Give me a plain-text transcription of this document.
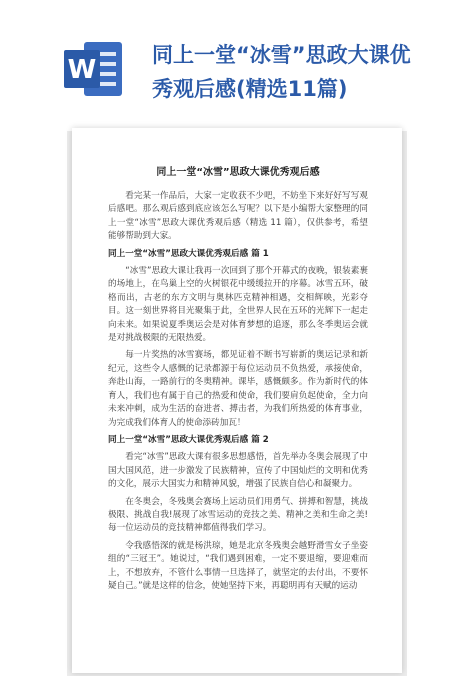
W	同上一堂“冰雪”思政大课优
秀观后感(精选11篇)
同上一堂“冰雪”思政大课优秀观后感
看完某一作品后，大家一定收获不少吧，不妨坐下来好好写写观后感吧。那么观后感到底应该怎么写呢？以下是小编帮大家整理的同上一堂“冰雪”思政大课优秀观后感（精选 11 篇），仅供参考，希望能够帮助到大家。
同上一堂“冰雪”思政大课优秀观后感 篇 1
“冰雪”思政大课让我再一次回到了那个开幕式的夜晚，银装素裹的场地上，在鸟巢上空的火树银花中缓缓拉开的序幕。冰雪五环，破格而出，古老的东方文明与奥林匹克精神相遇，交相辉映，光彩夺目。这一刻世界将目光聚集于此，全世界人民在五环的光辉下一起走向未来。如果说夏季奥运会是对体育梦想的追逐，那么冬季奥运会就是对挑战极限的无限热爱。
每一片奖热的冰雪赛场，都见证着不断书写崭新的奥运记录和新纪元，这些令人感慨的记录都源于每位运动员不负热爱，承接使命，奔赴山海，一路前行的冬奥精神。课毕，感慨颇多。作为新时代的体育人，我们也有属于自己的热爱和使命，我们要肩负起使命，全力向未来冲刺，成为生活的奋进者、搏击者，为我们所热爱的体育事业，为完成我们体育人的使命添砖加瓦！
同上一堂“冰雪”思政大课优秀观后感 篇 2
看完“冰雪”思政大课有很多思想感悟，首先举办冬奥会展现了中国大国风范，进一步激发了民族精神，宣传了中国灿烂的文明和优秀的文化，展示大国实力和精神风貌，增强了民族自信心和凝聚力。
在冬奥会，冬残奥会赛场上运动员们用勇气、拼搏和智慧，挑战极限、挑战自我!展现了冰雪运动的竞技之美、精神之美和生命之美!每一位运动员的竞技精神都值得我们学习。
令我感悟深的就是杨洪琼，她是北京冬残奥会越野滑雪女子坐姿组的“三冠王”。她说过，“我们遇到困难，一定不要退缩，要迎难而上，不想放弃，不管什么事情一旦选择了，就坚定的去付出，不要怀疑自己。”就是这样的信念，使她坚持下来，再聪明再有天赋的运动
